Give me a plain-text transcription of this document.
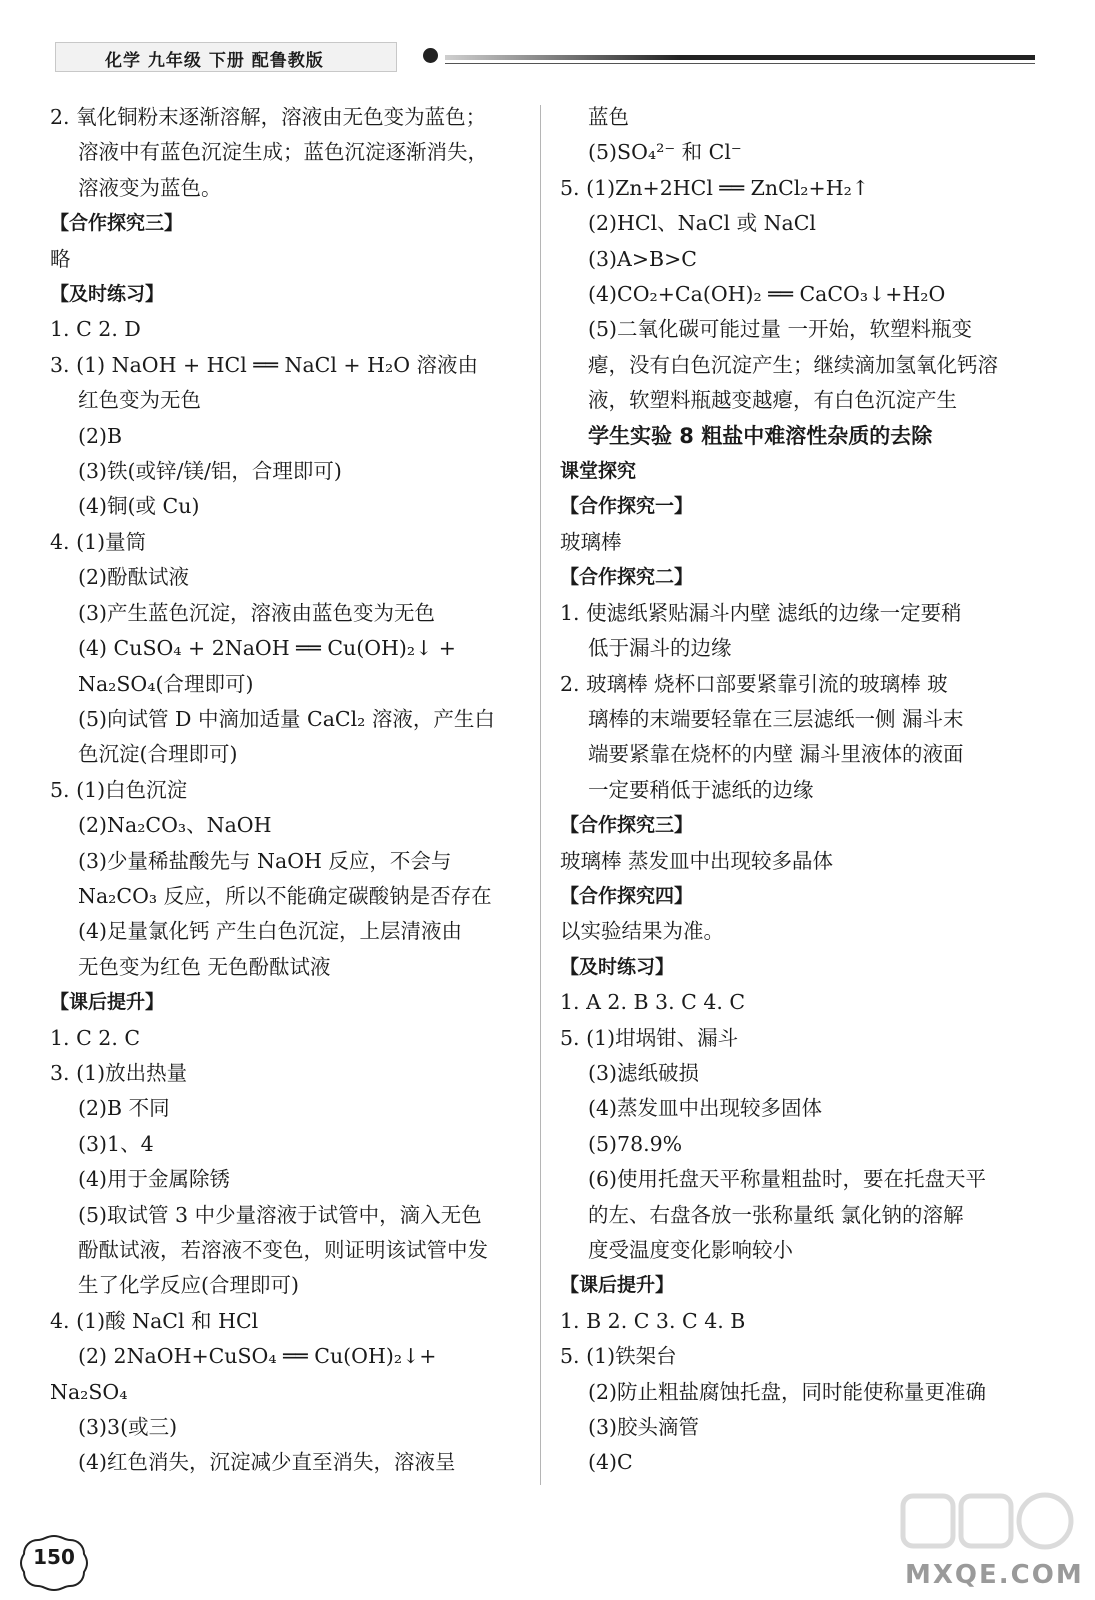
化学 九年级 下册 配鲁教版
2. 氧化铜粉末逐渐溶解，溶液由无色变为蓝色；
溶液中有蓝色沉淀生成；蓝色沉淀逐渐消失，
溶液变为蓝色。
【合作探究三】
略
【及时练习】
1. C 2. D
3. (1) NaOH + HCl ══ NaCl + H₂O 溶液由
红色变为无色
(2)B
(3)铁(或锌/镁/铝，合理即可)
(4)铜(或 Cu)
4. (1)量筒
(2)酚酞试液
(3)产生蓝色沉淀，溶液由蓝色变为无色
(4) CuSO₄ + 2NaOH ══ Cu(OH)₂↓ +
Na₂SO₄(合理即可)
(5)向试管 D 中滴加适量 CaCl₂ 溶液，产生白
色沉淀(合理即可)
5. (1)白色沉淀
(2)Na₂CO₃、NaOH
(3)少量稀盐酸先与 NaOH 反应，不会与
Na₂CO₃ 反应，所以不能确定碳酸钠是否存在
(4)足量氯化钙 产生白色沉淀，上层清液由
无色变为红色 无色酚酞试液
【课后提升】
1. C 2. C
3. (1)放出热量
(2)B 不同
(3)1、4
(4)用于金属除锈
(5)取试管 3 中少量溶液于试管中，滴入无色
酚酞试液，若溶液不变色，则证明该试管中发
生了化学反应(合理即可)
4. (1)酸 NaCl 和 HCl
(2) 2NaOH+CuSO₄ ══ Cu(OH)₂↓+
Na₂SO₄
(3)3(或三)
(4)红色消失，沉淀减少直至消失，溶液呈
蓝色
(5)SO₄²⁻ 和 Cl⁻
5. (1)Zn+2HCl ══ ZnCl₂+H₂↑
(2)HCl、NaCl 或 NaCl
(3)A>B>C
(4)CO₂+Ca(OH)₂ ══ CaCO₃↓+H₂O
(5)二氧化碳可能过量 一开始，软塑料瓶变
瘪，没有白色沉淀产生；继续滴加氢氧化钙溶
液，软塑料瓶越变越瘪，有白色沉淀产生
学生实验 8 粗盐中难溶性杂质的去除
课堂探究
【合作探究一】
玻璃棒
【合作探究二】
1. 使滤纸紧贴漏斗内壁 滤纸的边缘一定要稍
低于漏斗的边缘
2. 玻璃棒 烧杯口部要紧靠引流的玻璃棒 玻
璃棒的末端要轻靠在三层滤纸一侧 漏斗末
端要紧靠在烧杯的内壁 漏斗里液体的液面
一定要稍低于滤纸的边缘
【合作探究三】
玻璃棒 蒸发皿中出现较多晶体
【合作探究四】
以实验结果为准。
【及时练习】
1. A 2. B 3. C 4. C
5. (1)坩埚钳、漏斗
(3)滤纸破损
(4)蒸发皿中出现较多固体
(5)78.9%
(6)使用托盘天平称量粗盐时，要在托盘天平
的左、右盘各放一张称量纸 氯化钠的溶解
度受温度变化影响较小
【课后提升】
1. B 2. C 3. C 4. B
5. (1)铁架台
(2)防止粗盐腐蚀托盘，同时能使称量更准确
(3)胶头滴管
(4)C
150
MXQE.COM
